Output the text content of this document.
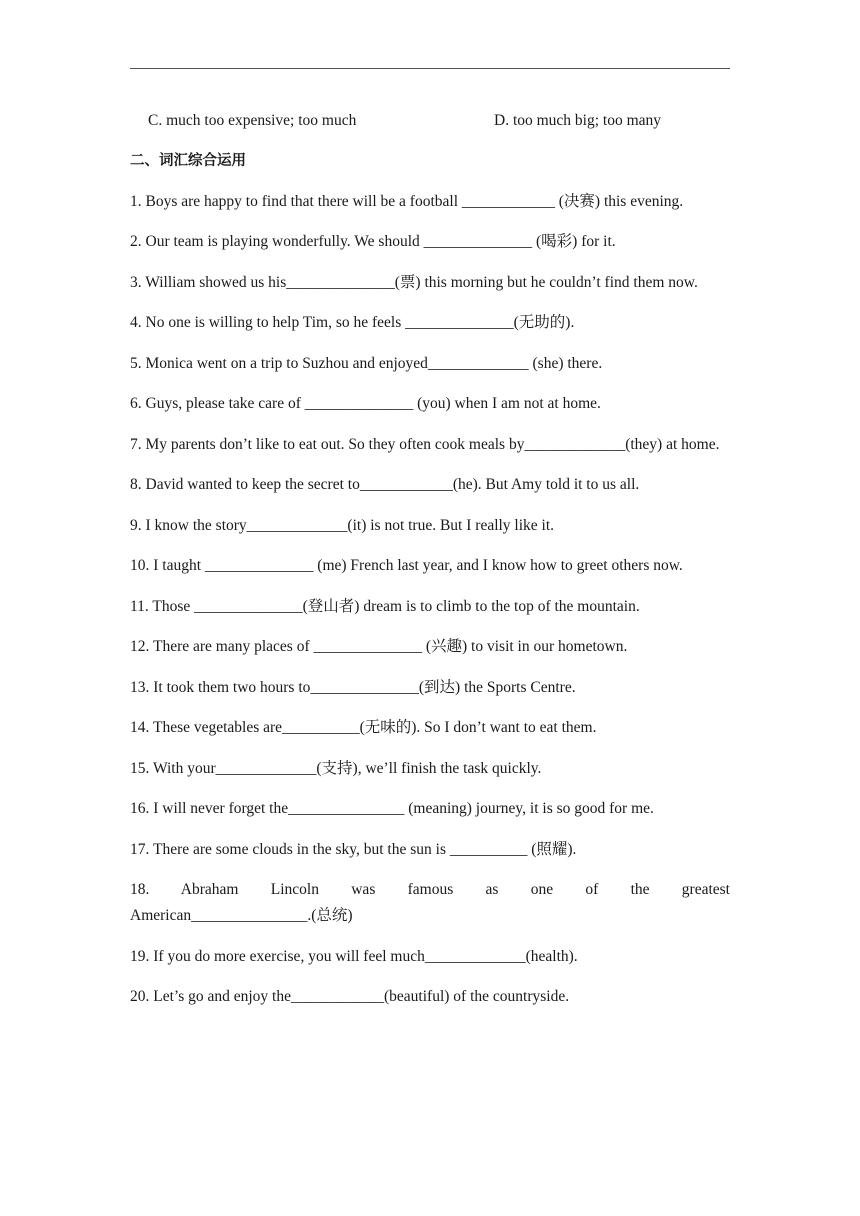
C. much too expensive; too much	D. too much big; too many
二、词汇综合运用
1. Boys are happy to find that there will be a football ____________ (决赛) this evening.
2. Our team is playing wonderfully. We should ______________ (喝彩) for it.
3. William showed us his______________(票) this morning but he couldn’t find them now.
4. No one is willing to help Tim, so he feels ______________(无助的).
5. Monica went on a trip to Suzhou and enjoyed_____________ (she) there.
6. Guys, please take care of ______________ (you) when I am not at home.
7. My parents don’t like to eat out. So they often cook meals by_____________(they) at home.
8. David wanted to keep the secret to____________(he). But Amy told it to us all.
9. I know the story_____________(it) is not true. But I really like it.
10. I taught ______________ (me) French last year, and I know how to greet others now.
11. Those ______________(登山者) dream is to climb to the top of the mountain.
12. There are many places of ______________ (兴趣) to visit in our hometown.
13. It took them two hours to______________(到达) the Sports Centre.
14. These vegetables are__________(无味的). So I don’t want to eat them.
15. With your_____________(支持), we’ll finish the task quickly.
16. I will never forget the_______________ (meaning) journey, it is so good for me.
17. There are some clouds in the sky, but the sun is __________ (照耀).
18. Abraham Lincoln was famous as one of the greatest
American_______________.(总统)
19. If you do more exercise, you will feel much_____________(health).
20. Let’s go and enjoy the____________(beautiful) of the countryside.
